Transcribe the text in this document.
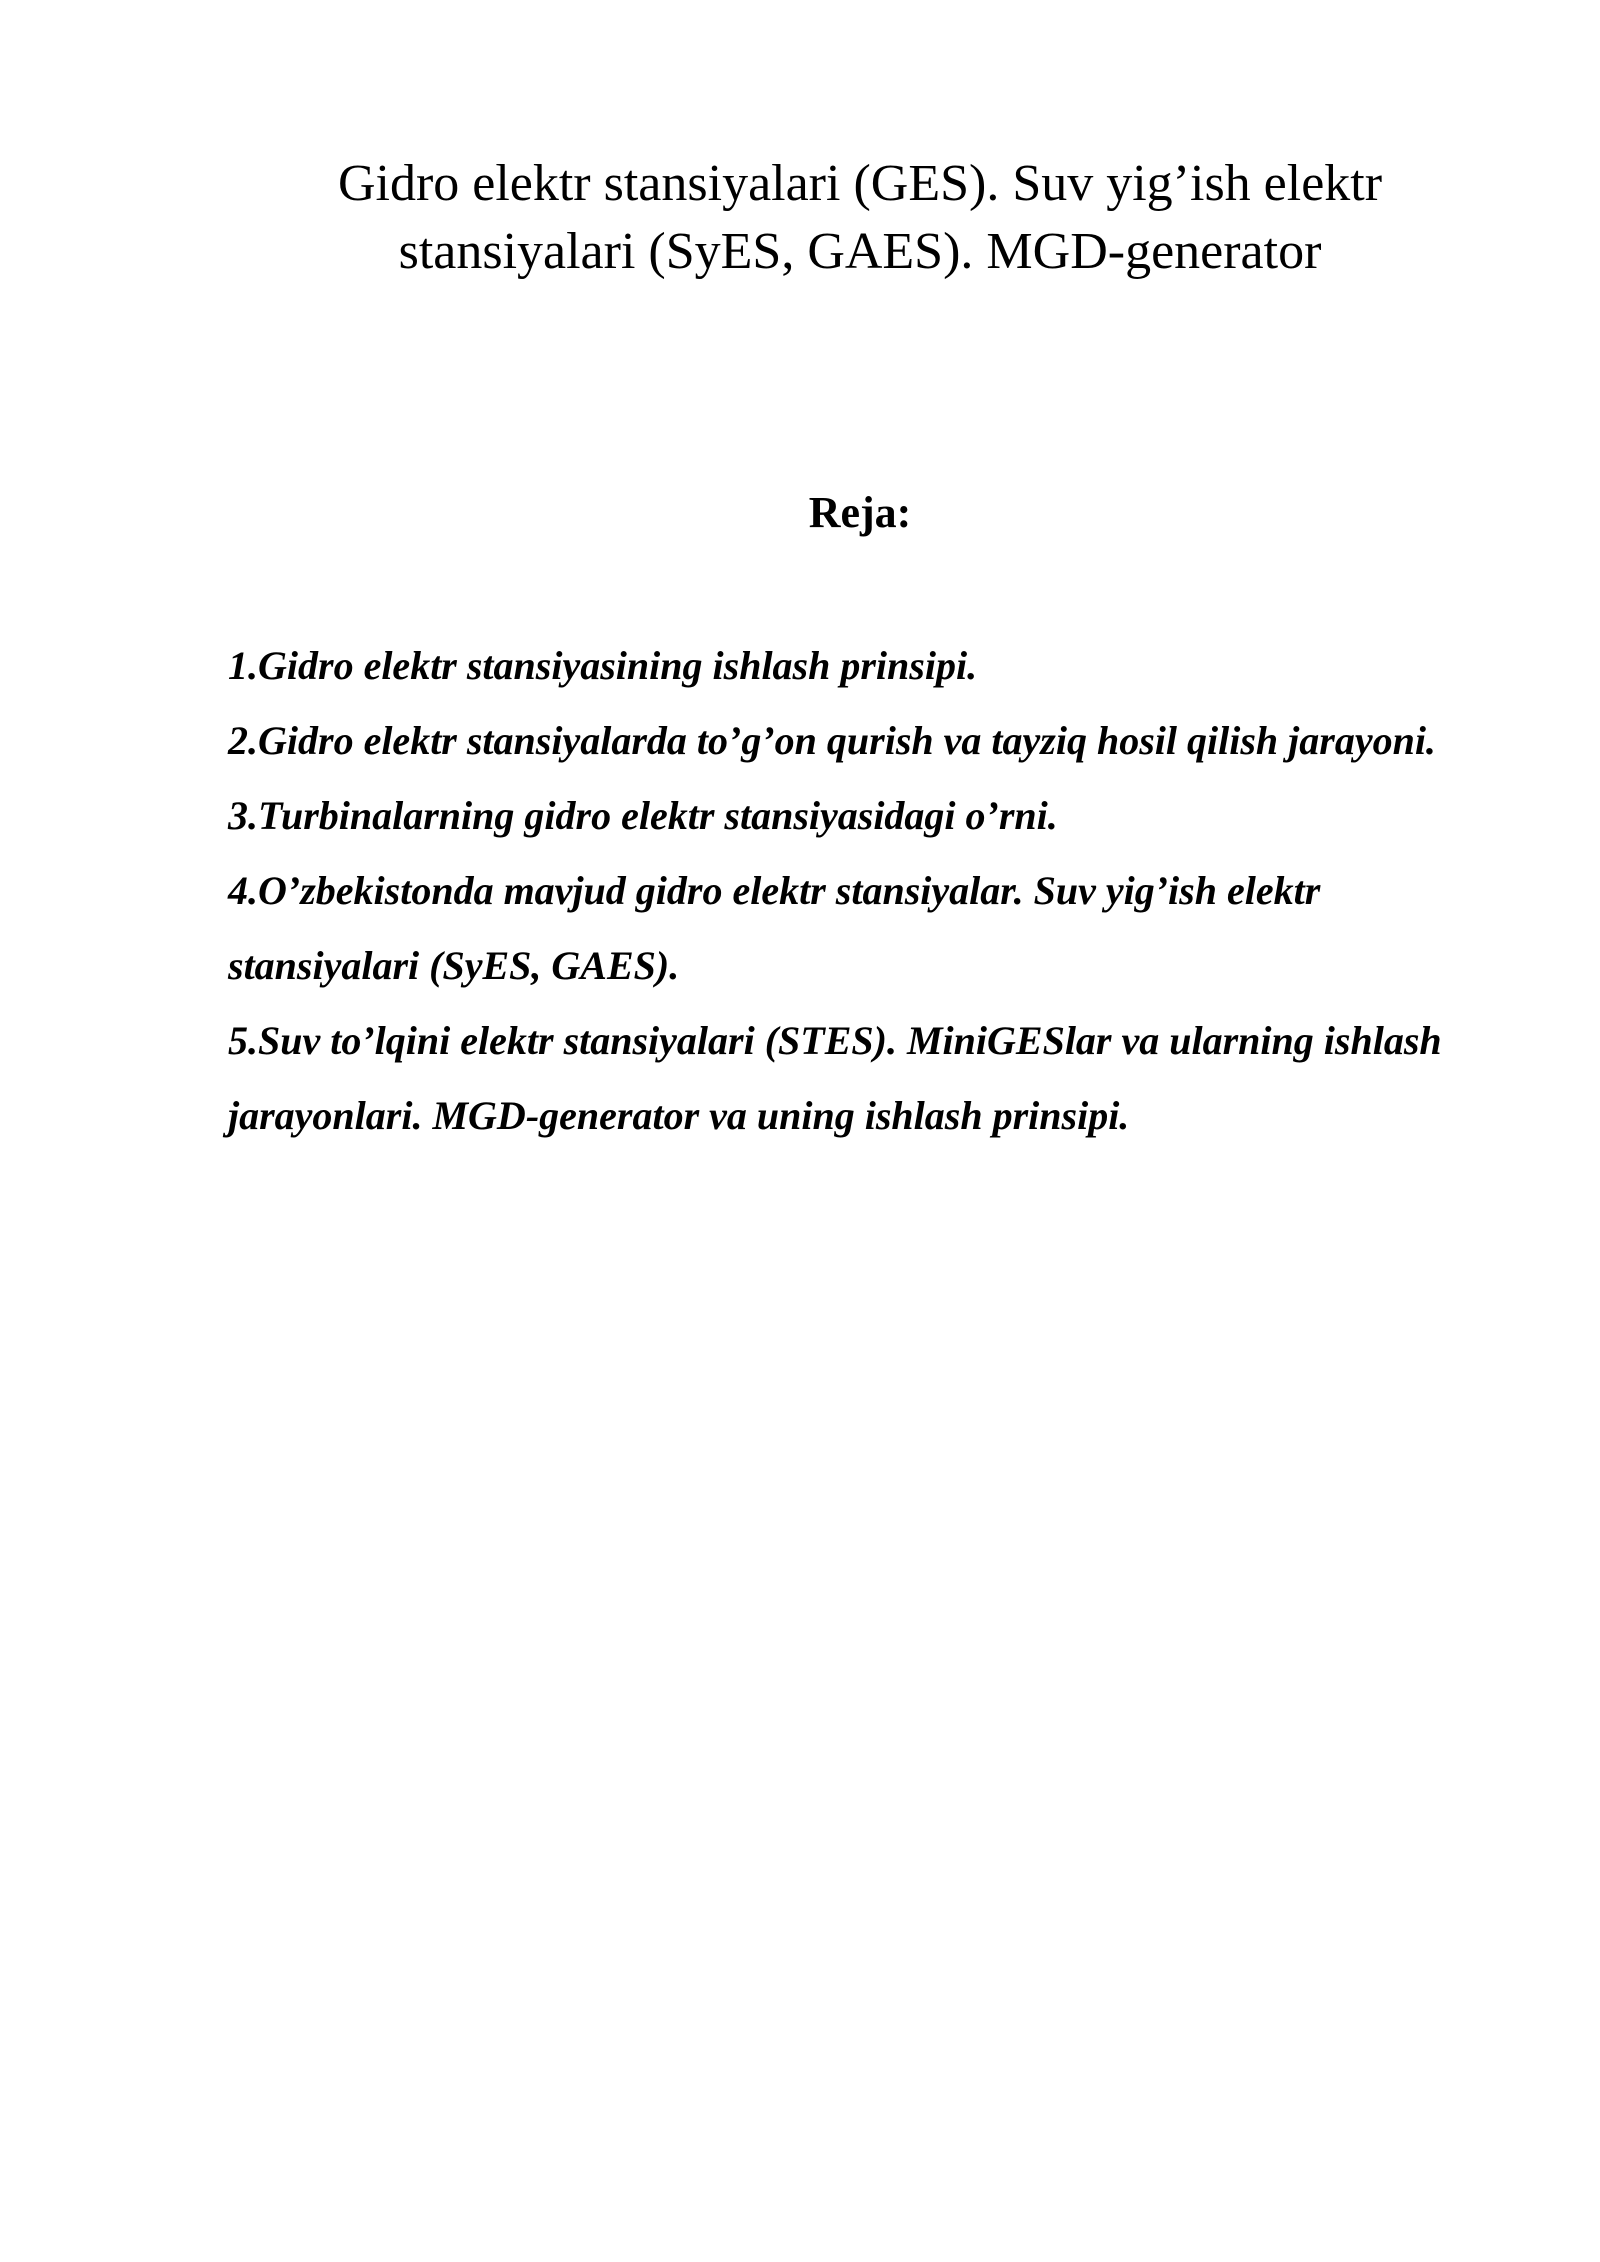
Gidro elektr stansiyalari (GES). Suv yig’ish elektr stansiyalari (SyES, GAES). MGD-generator
Reja:
1.Gidro elektr stansiyasining ishlash prinsipi.
2.Gidro elektr stansiyalarda to’g’on qurish va tayziq hosil qilish jarayoni.
3.Turbinalarning gidro elektr stansiyasidagi o’rni.
4.O’zbekistonda mavjud gidro elektr stansiyalar. Suv yig’ish elektr stansiyalari (SyES, GAES).
5.Suv to’lqini elektr stansiyalari (STES). MiniGESlar va ularning ishlash jarayonlari. MGD-generator va uning ishlash prinsipi.
